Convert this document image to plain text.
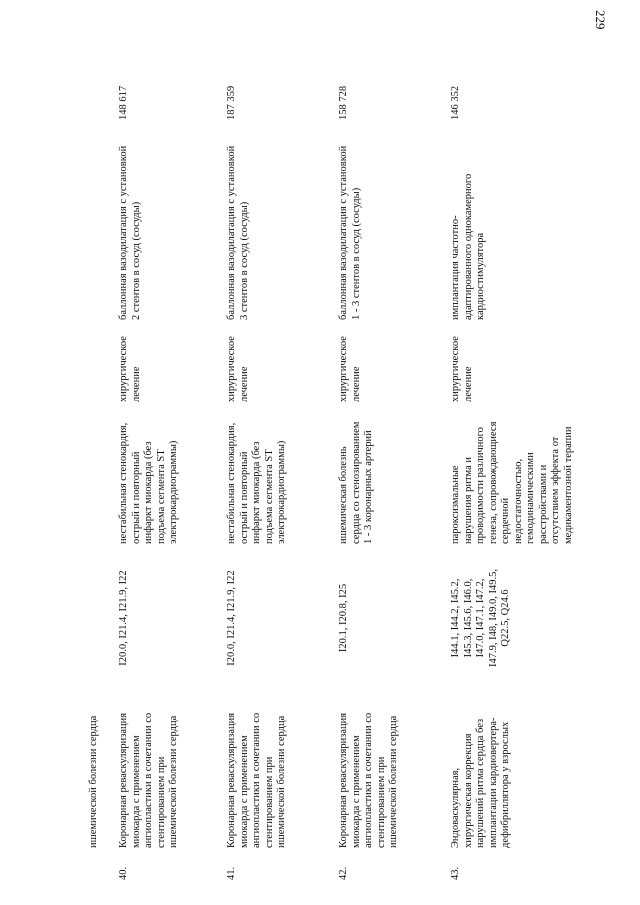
229
ишемической болезни сердца
40.
Коронарная реваскуляризация миокарда с применением ангиопластики в сочетании со стентированием при ишемической болезни сердца
I20.0, I21.4, I21.9, I22
нестабильная стенокардия, острый и повторный инфаркт миокарда (без подъема сегмента ST электрокардиограммы)
хирургическое лечение
баллонная вазодилатация с установкой 2 стентов в сосуд (сосуды)
148 617
41.
Коронарная реваскуляризация миокарда с применением ангиопластики в сочетании со стентированием при ишемической болезни сердца
I20.0, I21.4, I21.9, I22
нестабильная стенокардия, острый и повторный инфаркт миокарда (без подъема сегмента ST электрокардиограммы)
хирургическое лечение
баллонная вазодилатация с установкой 3 стентов в сосуд (сосуды)
187 359
42.
Коронарная реваскуляризация миокарда с применением ангиопластики в сочетании со стентированием при ишемической болезни сердца
I20.1, I20.8, I25
ишемическая болезнь сердца со стенозированием 1 - 3 коронарных артерий
хирургическое лечение
баллонная вазодилатация с установкой 1 - 3 стентов в сосуд (сосуды)
158 728
43.
Эндоваскулярная, хирургическая коррекция нарушений ритма сердца без имплантации кардиовертера-дефибриллятора у взрослых
I44.1, I44.2, I45.2, I45.3, I45.6, I46.0, I47.0, I47.1, I47.2, I47.9, I48, I49.0, I49.5, Q22.5, Q24.6
пароксизмальные нарушения ритма и проводимости различного генеза, сопровождающиеся сердечной недостаточностью, гемодинамическими расстройствами и отсутствием эффекта от медикаментозной терапии
хирургическое лечение
имплантация частотно-адаптированного однокамерного кардиостимулятора
146 352
